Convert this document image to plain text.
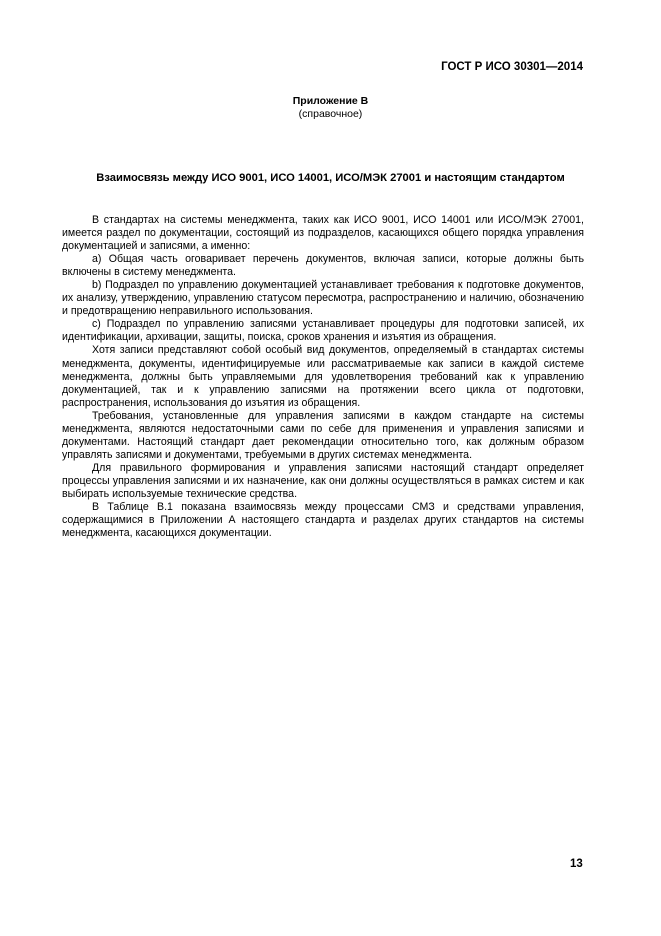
ГОСТ Р ИСО 30301—2014
Приложение В
(справочное)
Взаимосвязь между ИСО 9001, ИСО 14001, ИСО/МЭК 27001 и настоящим стандартом

В стандартах на системы менеджмента, таких как ИСО 9001, ИСО 14001 или ИСО/МЭК 27001, имеется раздел по документации, состоящий из подразделов, касающихся общего порядка управления документацией и записями, а именно:

a) Общая часть оговаривает перечень документов, включая записи, которые должны быть включены в систему менеджмента.

b) Подраздел по управлению документацией устанавливает требования к подготовке документов, их анализу, утверждению, управлению статусом пересмотра, распространению и наличию, обозначению и предотвращению неправильного использования.

c) Подраздел по управлению записями устанавливает процедуры для подготовки записей, их идентификации, архивации, защиты, поиска, сроков хранения и изъятия из обращения.

Хотя записи представляют собой особый вид документов, определяемый в стандартах системы менеджмента, документы, идентифицируемые или рассматриваемые как записи в каждой системе менеджмента, должны быть управляемыми для удовлетворения требований как к управлению документацией, так и к управлению записями на протяжении всего цикла от подготовки, распространения, использования до изъятия из обращения.

Требования, установленные для управления записями в каждом стандарте на системы менеджмента, являются недостаточными сами по себе для применения и управления записями и документами. Настоящий стандарт дает рекомендации относительно того, как должным образом управлять записями и документами, требуемыми в других системах менеджмента.

Для правильного формирования и управления записями настоящий стандарт определяет процессы управления записями и их назначение, как они должны осуществляться в рамках систем и как выбирать используемые технические средства.

В Таблице В.1 показана взаимосвязь между процессами СМЗ и средствами управления, содержащимися в Приложении А настоящего стандарта и разделах других стандартов на системы менеджмента, касающихся документации.

13
